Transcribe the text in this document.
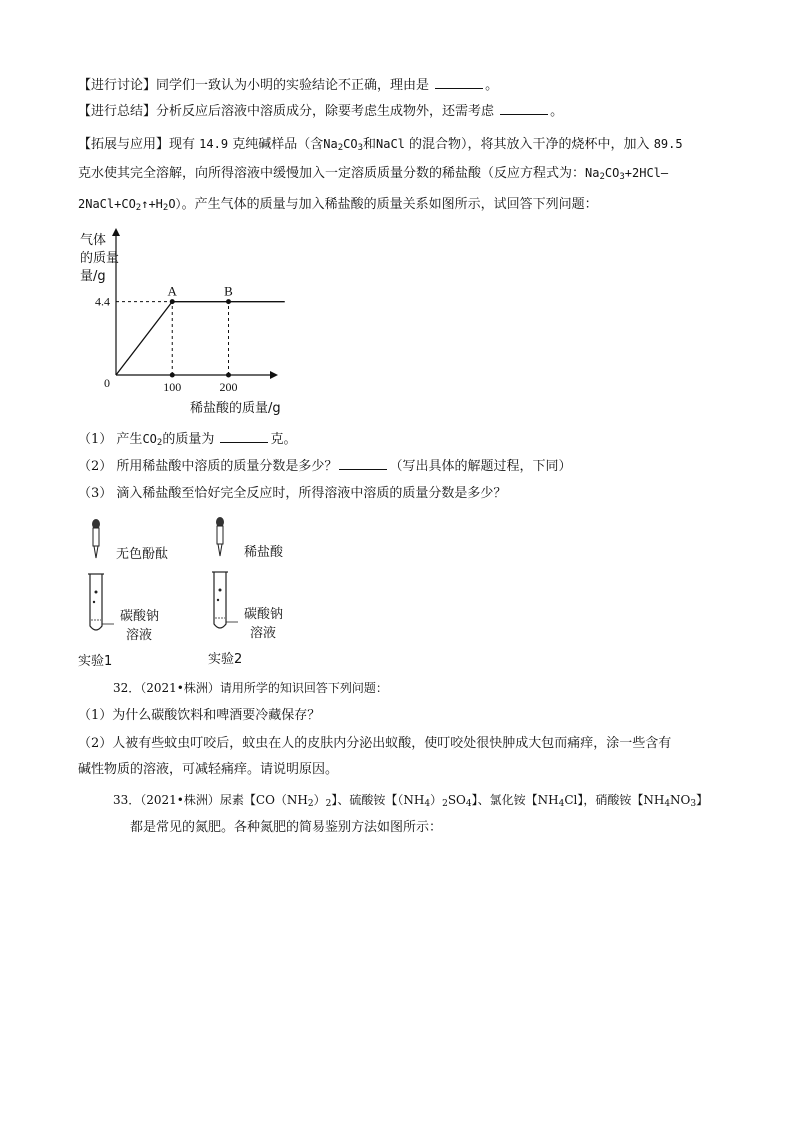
【进行讨论】同学们一致认为小明的实验结论不正确，理由是	。
【进行总结】分析反应后溶液中溶质成分，除要考虑生成物外，还需考虑	。
【拓展与应用】现有 14.9 克纯碱样品（含$Na_2CO_3$和NaCl 的混合物），将其放入干净的烧杯中，加入 89.5
克水使其完全溶解，向所得溶液中缓慢加入一定溶质质量分数的稀盐酸（反应方程式为：$Na_2CO_3+2HCl—$
$2NaCl+CO_2↑+H_2O$）。产生气体的质量与加入稀盐酸的质量关系如图所示，试回答下列问题：
气体
的质量
量/g
稀盐酸的质量/g
0
4.4
100	200
A	B
（1） 产生$CO_2$的质量为	克。
（2） 所用稀盐酸中溶质的质量分数是多少？	（写出具体的解题过程，下同）
（3） 滴入稀盐酸至恰好完全反应时，所得溶液中溶质的质量分数是多少？
无色酚酞
碳酸钠
溶液
实验1
稀盐酸
碳酸钠
溶液
实验2
32．（2021•株洲）请用所学的知识回答下列问题：
（1）为什么碳酸饮料和啤酒要冷藏保存？
（2）人被有些蚊虫叮咬后，蚊虫在人的皮肤内分泌出蚁酸，使叮咬处很快肿成大包而痛痒，涂一些含有
碱性物质的溶液，可减轻痛痒。请说明原因。
33．（2021•株洲）尿素【$CO(NH_2)_2$】、硫酸铵【$(NH_4)_2SO_4$】、氯化铵【$NH_4Cl$】，硝酸铵【$NH_4NO_3$】
都是常见的氮肥。各种氮肥的简易鉴别方法如图所示：
